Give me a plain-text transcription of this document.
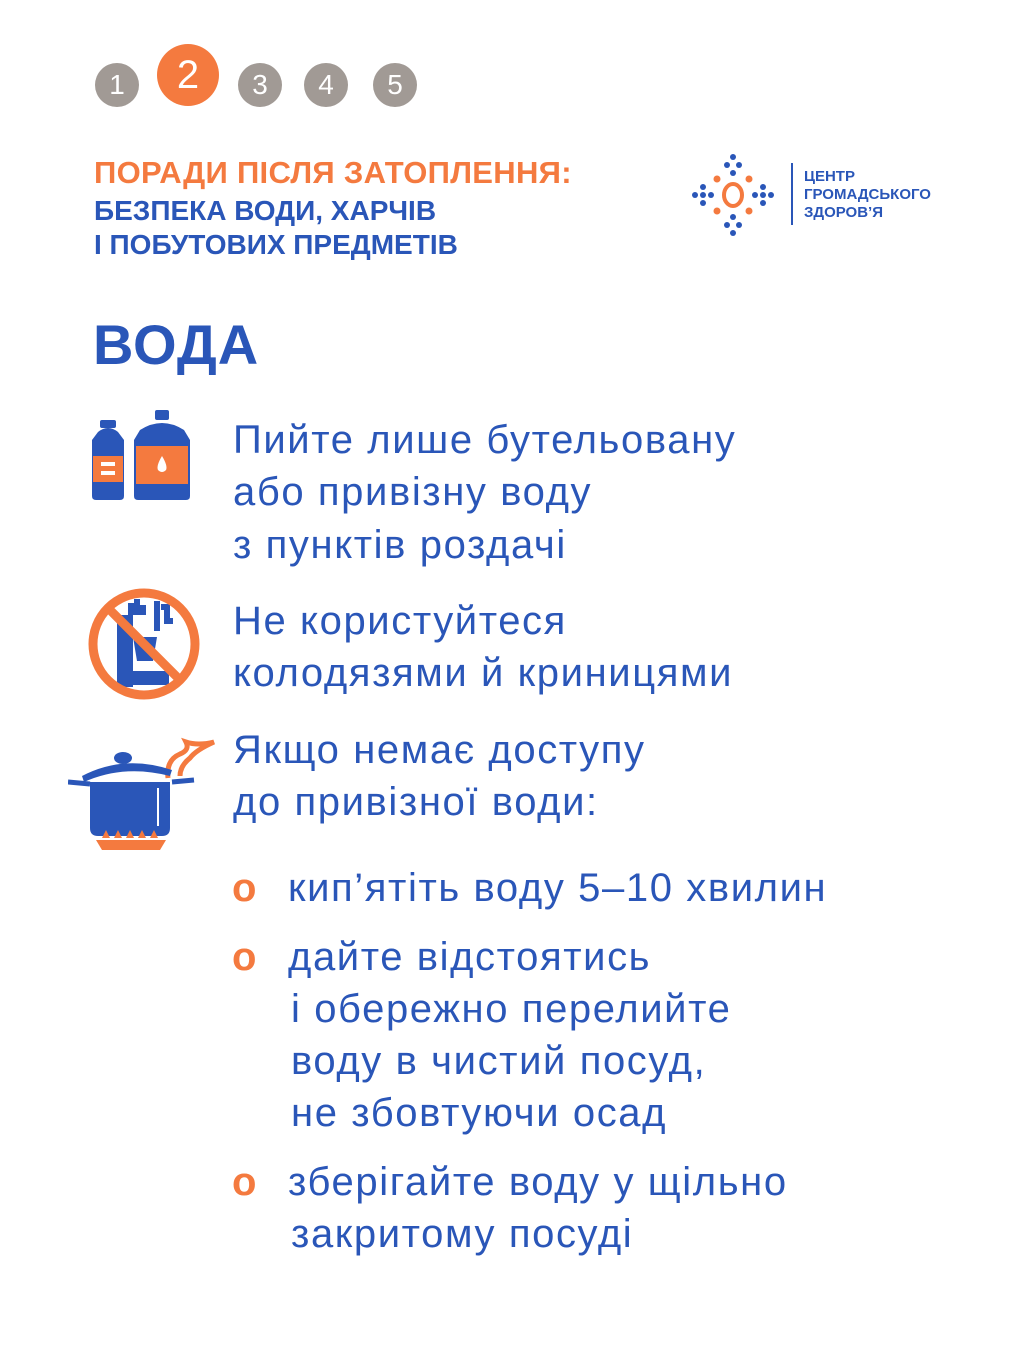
1	2	3	4	5
ПОРАДИ ПІСЛЯ ЗАТОПЛЕННЯ:
БЕЗПЕКА ВОДИ, ХАРЧІВ
І ПОБУТОВИХ ПРЕДМЕТІВ
ЦЕНТР
ГРОМАДСЬКОГО
ЗДОРОВ’Я
ВОДА
Пийте лише бутельовану
або привізну воду
з пунктів роздачі
Не користуйтеся
колодязями й криницями
Якщо немає доступу
до привізної води:
o кип’ятіть воду 5–10 хвилин
o дайте відстоятись
і обережно перелийте
воду в чистий посуд,
не збовтуючи осад
o зберігайте воду у щільно
закритому посуді
